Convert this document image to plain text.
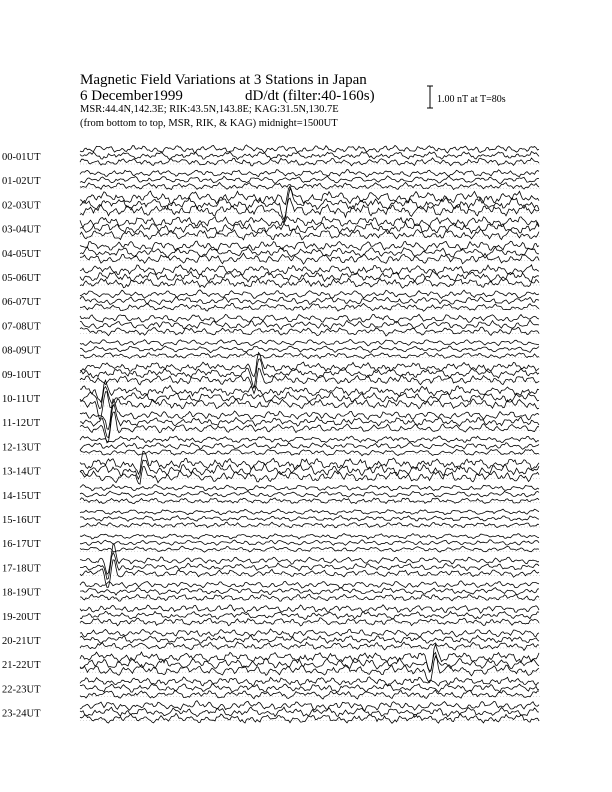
Magnetic Field Variations at 3 Stations in Japan
6 December1999	dD/dt (filter:40-160s)
MSR:44.4N,142.3E; RIK:43.5N,143.8E; KAG:31.5N,130.7E
(from bottom to top, MSR, RIK, & KAG) midnight=1500UT
1.00 nT at T=80s
00-01UT
01-02UT
02-03UT
03-04UT
04-05UT
05-06UT
06-07UT
07-08UT
08-09UT
09-10UT
10-11UT
11-12UT
12-13UT
13-14UT
14-15UT
15-16UT
16-17UT
17-18UT
18-19UT
19-20UT
20-21UT
21-22UT
22-23UT
23-24UT
